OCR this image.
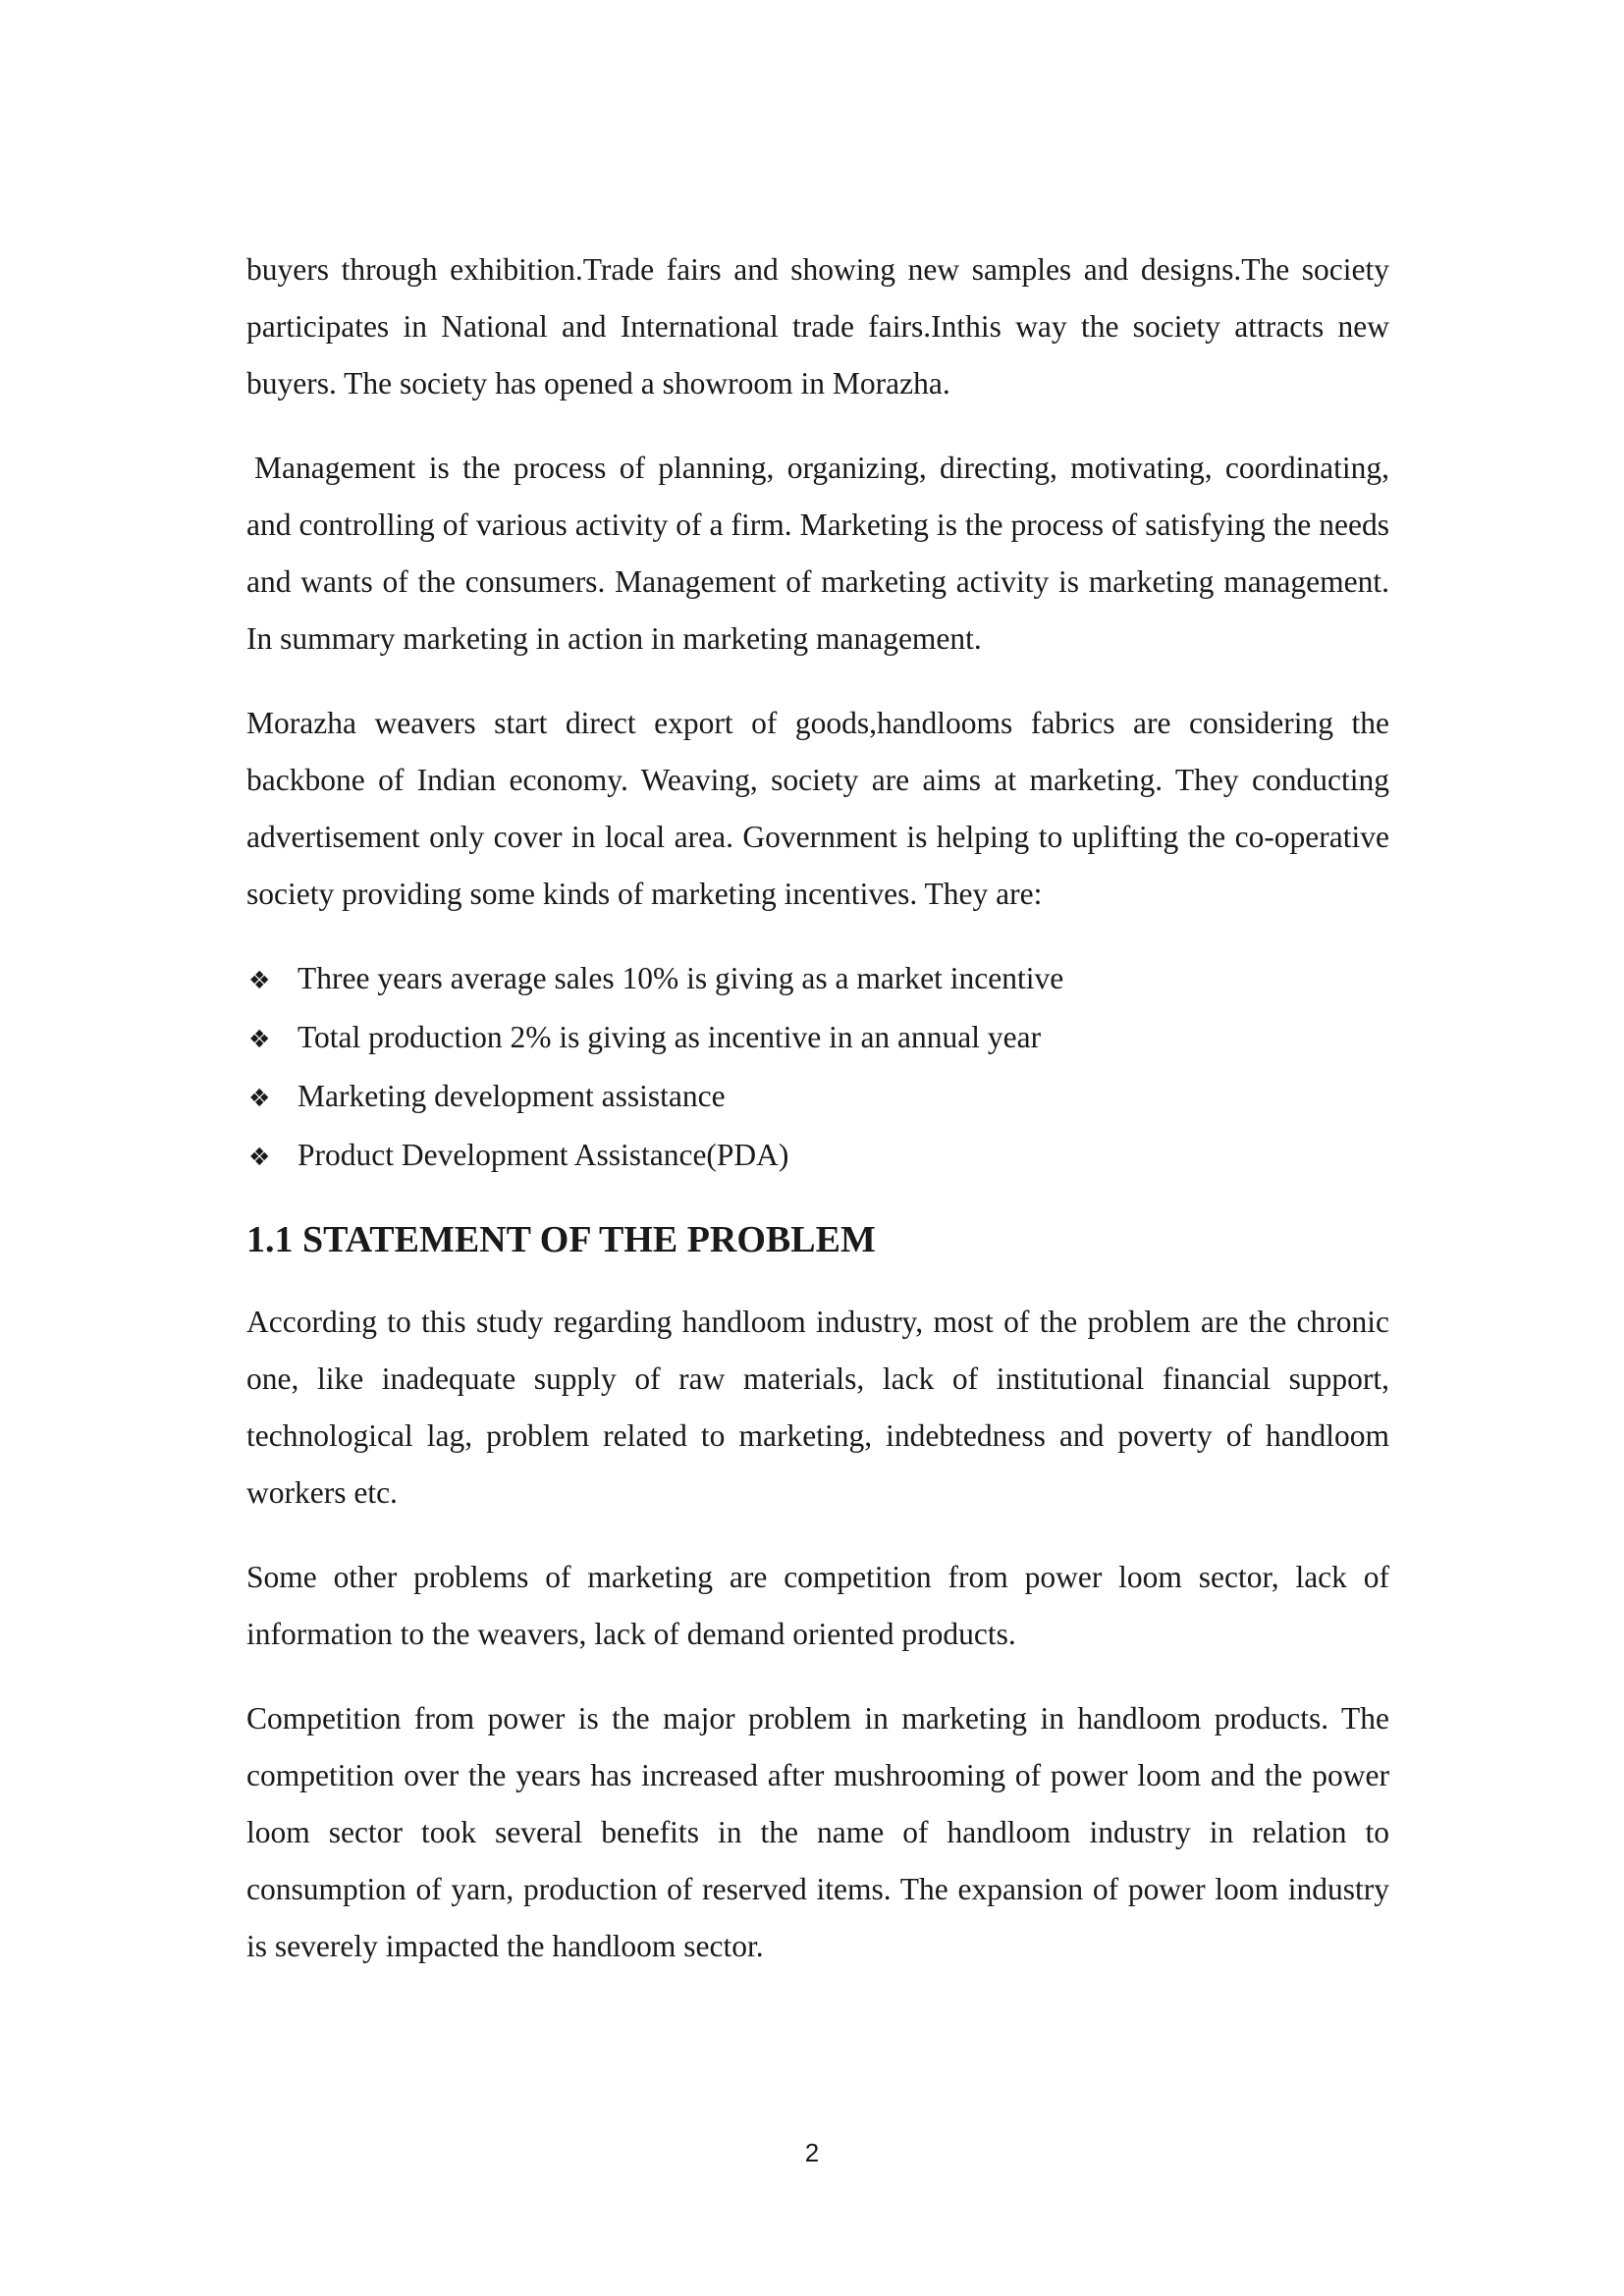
buyers through exhibition.Trade fairs and showing new samples and designs.The society participates in National and International trade fairs.Inthis way the society attracts new buyers. The society has opened a showroom in Morazha.

Management is the process of planning, organizing, directing, motivating, coordinating, and controlling of various activity of a firm. Marketing is the process of satisfying the needs and wants of the consumers. Management of marketing activity is marketing management. In summary marketing in action in marketing management.

Morazha weavers start direct export of goods,handlooms fabrics are considering the backbone of Indian economy. Weaving, society are aims at marketing. They conducting advertisement only cover in local area. Government is helping to uplifting the co-operative society providing some kinds of marketing incentives. They are:

❖ Three years average sales 10% is giving as a market incentive
❖ Total production 2% is giving as incentive in an annual year
❖ Marketing development assistance
❖ Product Development Assistance(PDA)
1.1 STATEMENT OF THE PROBLEM

According to this study regarding handloom industry, most of the problem are the chronic one, like inadequate supply of raw materials, lack of institutional financial support, technological lag, problem related to marketing, indebtedness and poverty of handloom workers etc.

Some other problems of marketing are competition from power loom sector, lack of information to the weavers, lack of demand oriented products.

Competition from power is the major problem in marketing in handloom products. The competition over the years has increased after mushrooming of power loom and the power loom sector took several benefits in the name of handloom industry in relation to consumption of yarn, production of reserved items. The expansion of power loom industry is severely impacted the handloom sector.

2
